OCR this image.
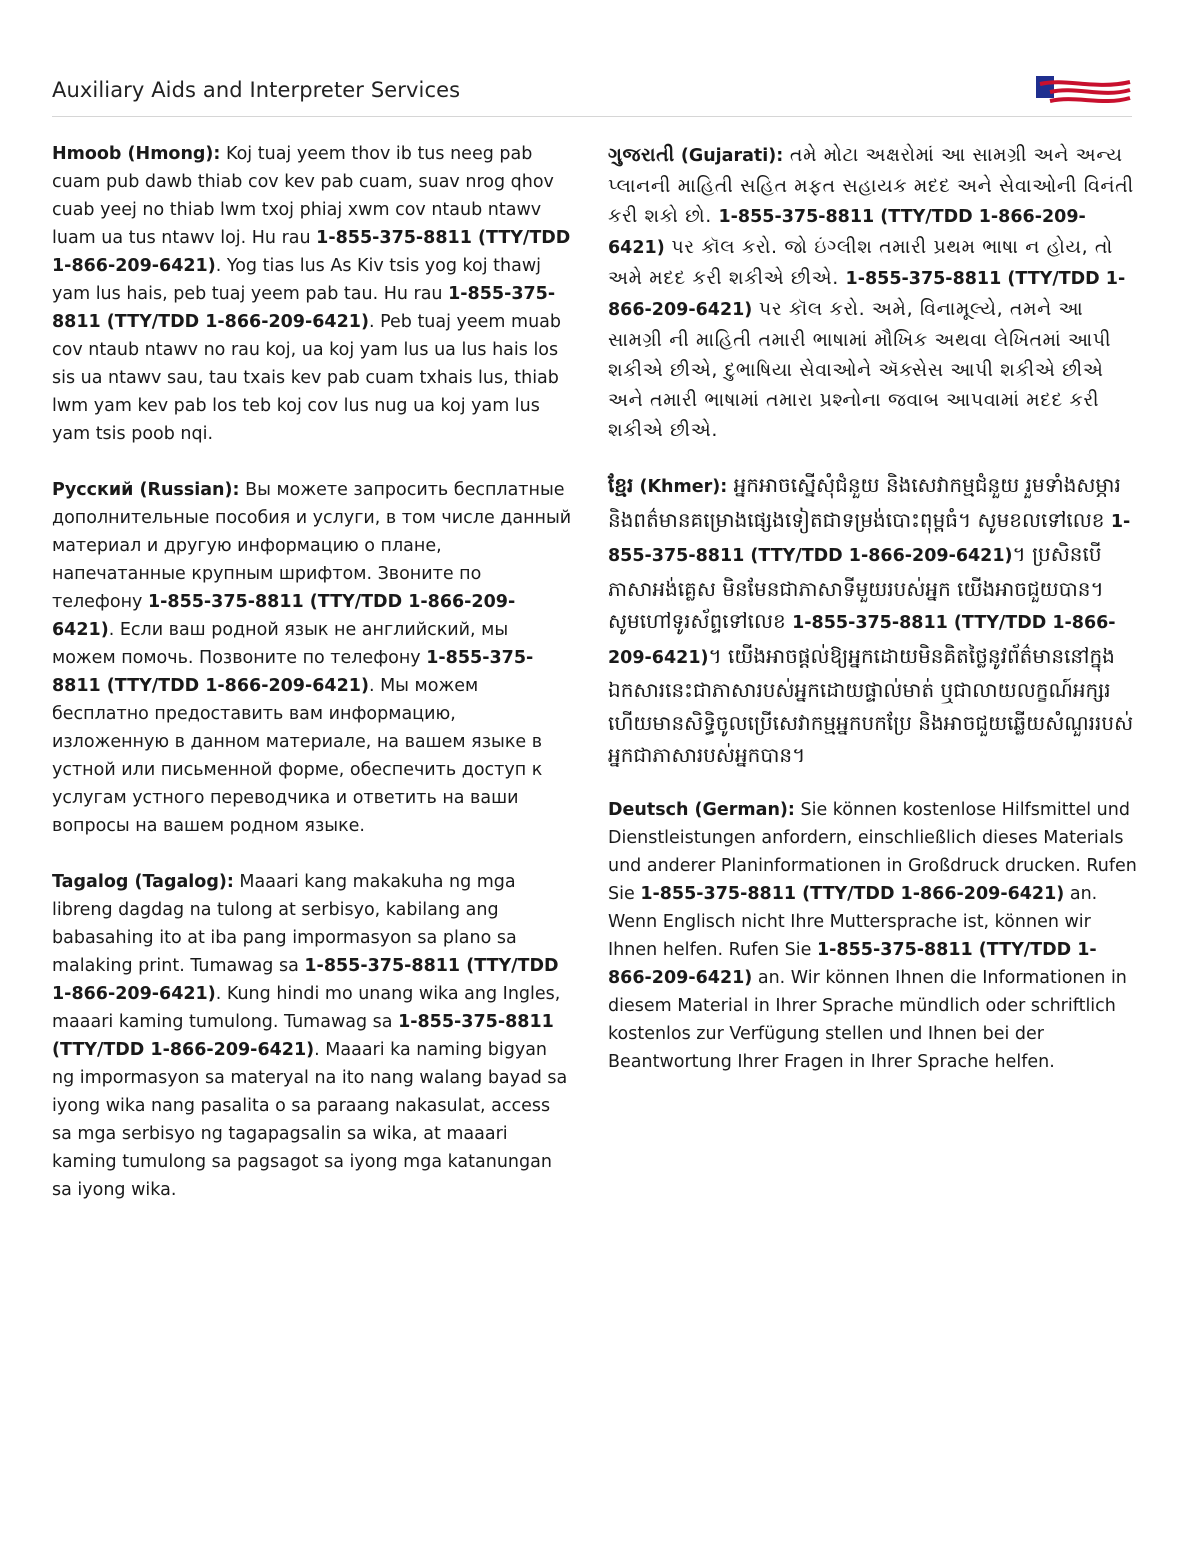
Auxiliary Aids and Interpreter Services

Hmoob (Hmong): Koj tuaj yeem thov ib tus neeg pab cuam pub dawb thiab cov kev pab cuam, suav nrog qhov cuab yeej no thiab lwm txoj phiaj xwm cov ntaub ntawv luam ua tus ntawv loj. Hu rau 1-855-375-8811 (TTY/TDD 1-866-209-6421). Yog tias lus As Kiv tsis yog koj thawj yam lus hais, peb tuaj yeem pab tau. Hu rau 1-855-375-8811 (TTY/TDD 1-866-209-6421). Peb tuaj yeem muab cov ntaub ntawv no rau koj, ua koj yam lus ua lus hais los sis ua ntawv sau, tau txais kev pab cuam txhais lus, thiab lwm yam kev pab los teb koj cov lus nug ua koj yam lus yam tsis poob nqi.

Русский (Russian): Вы можете запросить бесплатные дополнительные пособия и услуги, в том числе данный материал и другую информацию о плане, напечатанные крупным шрифтом. Звоните по телефону 1-855-375-8811 (TTY/TDD 1-866-209-6421). Если ваш родной язык не английский, мы можем помочь. Позвоните по телефону 1-855-375-8811 (TTY/TDD 1-866-209-6421). Мы можем бесплатно предоставить вам информацию, изложенную в данном материале, на вашем языке в устной или письменной форме, обеспечить доступ к услугам устного переводчика и ответить на ваши вопросы на вашем родном языке.

Tagalog (Tagalog): Maaari kang makakuha ng mga libreng dagdag na tulong at serbisyo, kabilang ang babasahing ito at iba pang impormasyon sa plano sa malaking print. Tumawag sa 1-855-375-8811 (TTY/TDD 1-866-209-6421). Kung hindi mo unang wika ang Ingles, maaari kaming tumulong. Tumawag sa 1-855-375-8811 (TTY/TDD 1-866-209-6421). Maaari ka naming bigyan ng impormasyon sa materyal na ito nang walang bayad sa iyong wika nang pasalita o sa paraang nakasulat, access sa mga serbisyo ng tagapagsalin sa wika, at maaari kaming tumulong sa pagsagot sa iyong mga katanungan sa iyong wika.

ગુજરાતી (Gujarati): તમે મોટા અક્ષરોમાં આ સામગ્રી અને અન્ય પ્લાનની માહિતી સહિત મફત સહાયક મદદ અને સેવાઓની વિનંતી કરી શકો છો. 1-855-375-8811 (TTY/TDD 1-866-209-6421) પર કૉલ કરો. જો ઇંગ્લીશ તમારી પ્રથમ ભાષા ન હોય, તો અમે મદદ કરી શકીએ છીએ. 1-855-375-8811 (TTY/TDD 1-866-209-6421) પર કૉલ કરો. અમે, વિનામૂલ્યે, તમને આ સામગ્રી ની માહિતી તમારી ભાષામાં મૌખિક અથવા લેખિતમાં આપી શકીએ છીએ, દુભાષિયા સેવાઓને ઍક્સેસ આપી શકીએ છીએ અને તમારી ભાષામાં તમારા પ્રશ્નોના જવાબ આપવામાં મદદ કરી શકીએ છીએ.

ខ្មែរ (Khmer): អ្នកអាចស្នើសុំជំនួយ និងសេវាកម្មជំនួយ រួមទាំងសម្ភារ និងពត៌មានគម្រោងផ្សេងទៀតជាទម្រង់បោះពុម្ពធំ។ សូមខលទៅលេខ 1-855-375-8811 (TTY/TDD 1-866-209-6421)។ ប្រសិនបើភាសាអង់គ្លេស មិនមែនជាភាសាទីមួយរបស់អ្នក យើងអាចជួយបាន។ សូមហៅទូរស័ព្ទទៅលេខ 1-855-375-8811 (TTY/TDD 1-866-209-6421)។ យើងអាចផ្តល់ឱ្យអ្នកដោយមិនគិតថ្លៃនូវព័ត៌មាននៅក្នុងឯកសារនេះជាភាសារបស់អ្នកដោយផ្ទាល់មាត់ ឬជាលាយលក្ខណ៍អក្សរ ហើយមានសិទ្ធិចូលប្រើសេវាកម្មអ្នកបកប្រែ និងអាចជួយឆ្លើយសំណួររបស់អ្នកជាភាសារបស់អ្នកបាន។

Deutsch (German): Sie können kostenlose Hilfsmittel und Dienstleistungen anfordern, einschließlich dieses Materials und anderer Planinformationen in Großdruck drucken. Rufen Sie 1-855-375-8811 (TTY/TDD 1-866-209-6421) an. Wenn Englisch nicht Ihre Muttersprache ist, können wir Ihnen helfen. Rufen Sie 1-855-375-8811 (TTY/TDD 1-866-209-6421) an. Wir können Ihnen die Informationen in diesem Material in Ihrer Sprache mündlich oder schriftlich kostenlos zur Verfügung stellen und Ihnen bei der Beantwortung Ihrer Fragen in Ihrer Sprache helfen.
